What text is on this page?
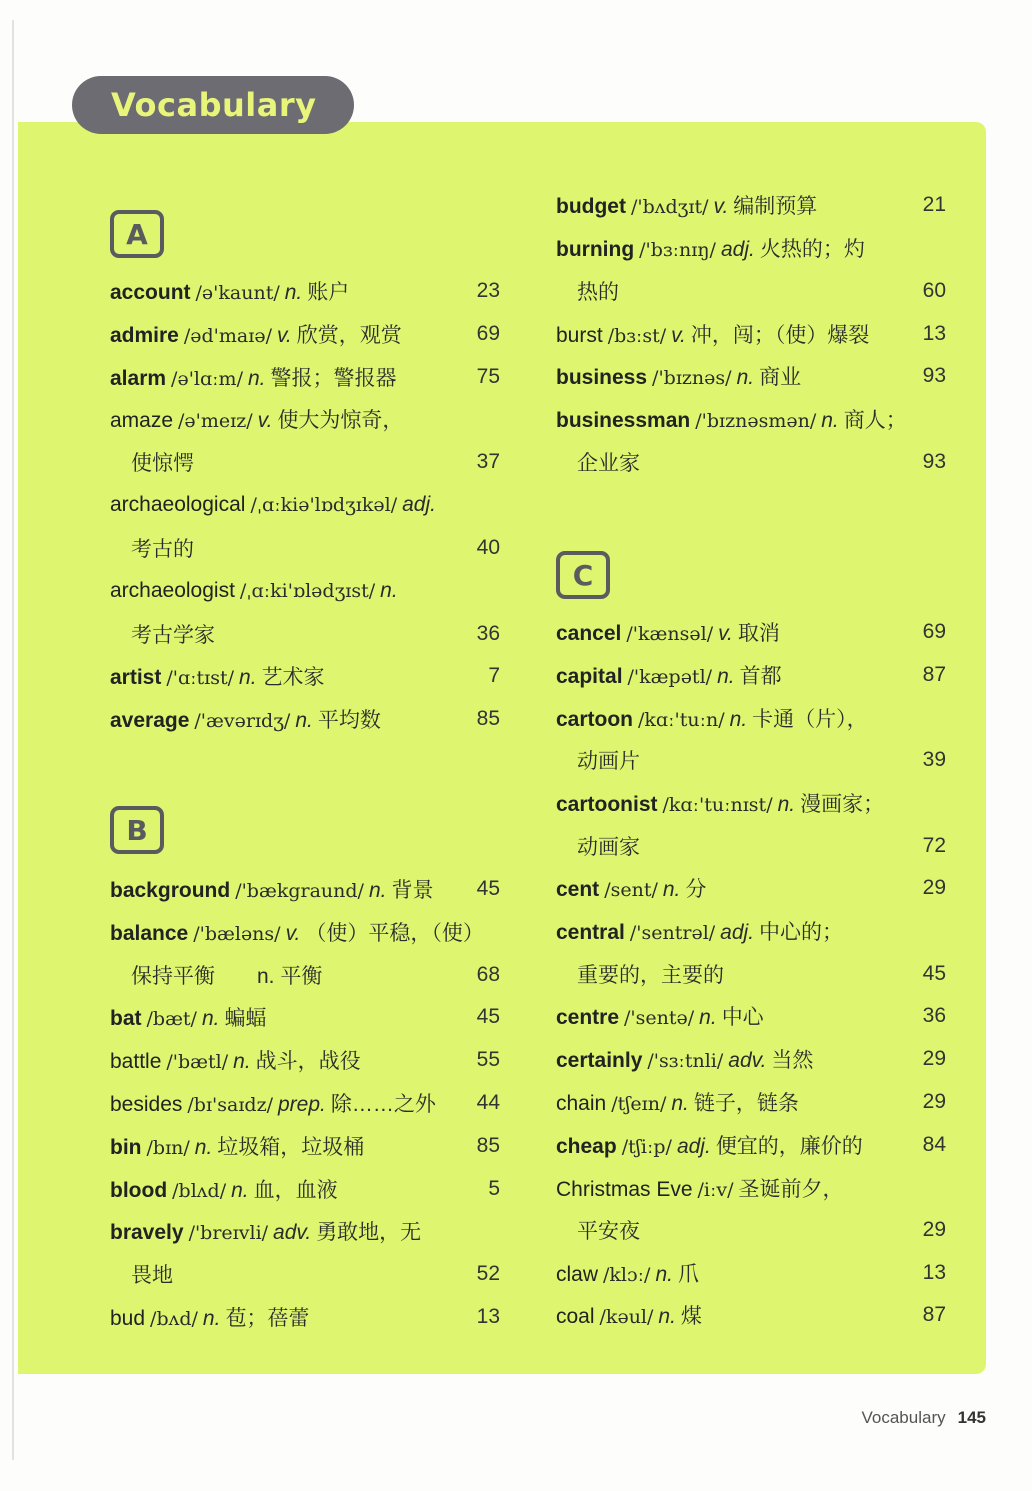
Vocabulary
A
B
C
account /ə'kaunt/ n. 账户	23
admire /əd'maɪə/ v. 欣赏，观赏	69
alarm /ə'lɑːm/ n. 警报；警报器	75
amaze /ə'meɪz/ v. 使大为惊奇，
使惊愕	37
archaeological /ˌɑːkiə'lɒdʒɪkəl/ adj.
考古的	40
archaeologist /ˌɑːki'ɒlədʒɪst/ n.
考古学家	36
artist /'ɑːtɪst/ n. 艺术家	7
average /'ævərɪdʒ/ n. 平均数	85
background /'bækgraund/ n. 背景 45
balance /'bæləns/ v. （使）平稳，（使）
保持平衡　　n. 平衡	68
bat /bæt/ n. 蝙蝠	45
battle /'bætl/ n. 战斗，战役	55
besides /bɪ'saɪdz/ prep. 除……之外 44
bin /bɪn/ n. 垃圾箱，垃圾桶	85
blood /blʌd/ n. 血，血液	5
bravely /'breɪvli/ adv. 勇敢地，无
畏地	52
bud /bʌd/ n. 苞；蓓蕾	13
budget /'bʌdʒɪt/ v. 编制预算	21
burning /'bɜːnɪŋ/ adj. 火热的；灼
热的	60
burst /bɜːst/ v. 冲，闯；（使）爆裂	13
business /'bɪznəs/ n. 商业	93
businessman /'bɪznəsmən/ n. 商人；
企业家	93
cancel /'kænsəl/ v. 取消	69
capital /'kæpətl/ n. 首都	87
cartoon /kɑː'tuːn/ n. 卡通（片），
动画片	39
cartoonist /kɑː'tuːnɪst/ n. 漫画家；
动画家	72
cent /sent/ n. 分	29
central /'sentrəl/ adj. 中心的；
重要的，主要的	45
centre /'sentə/ n. 中心	36
certainly /'sɜːtnli/ adv. 当然	29
chain /tʃeɪn/ n. 链子，链条	29
cheap /tʃiːp/ adj. 便宜的，廉价的	84
Christmas Eve /iːv/ 圣诞前夕，
平安夜	29
claw /klɔː/ n. 爪	13
coal /kəul/ n. 煤	87
Vocabulary 145
